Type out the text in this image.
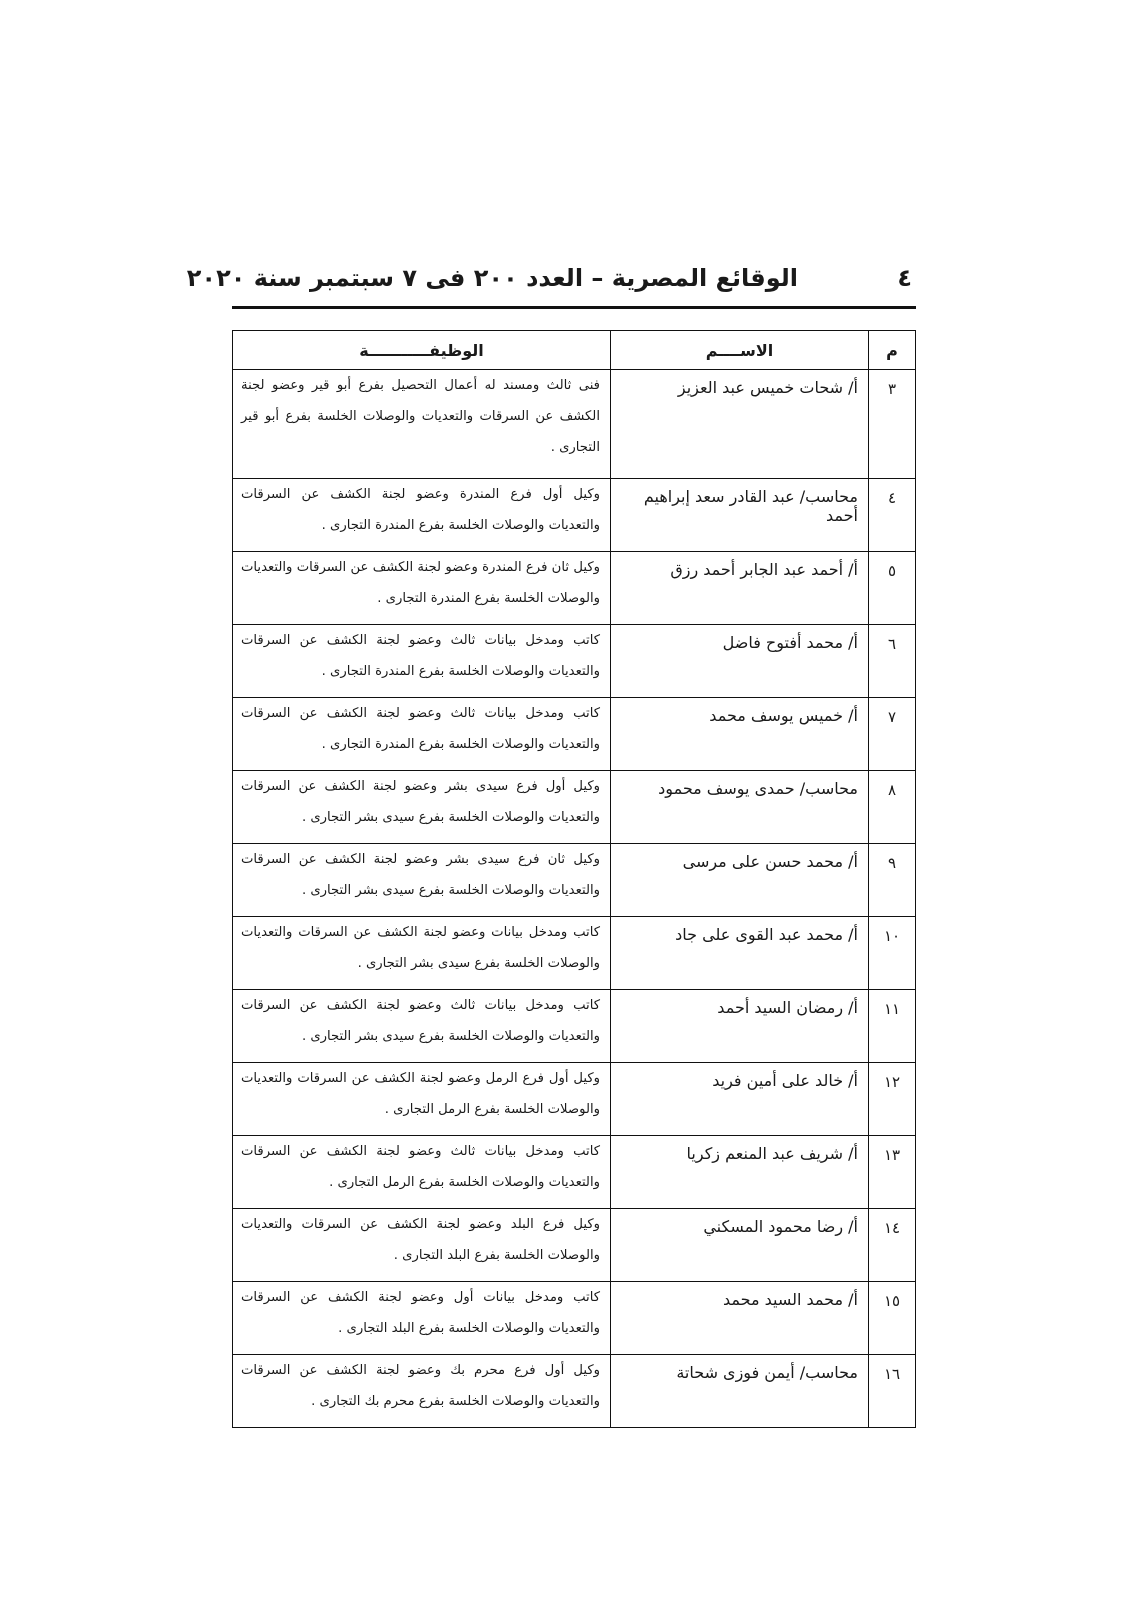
٤
الوقائع المصرية – العدد ٢٠٠ فى ٧ سبتمبر سنة ٢٠٢٠
م	الاســــم	الوظيفـــــــــــة
٣	أ/ شحات خميس عبد العزيز	فنى ثالث ومسند له أعمال التحصيل بفرع أبو قير وعضو لجنة الكشف عن السرقات والتعديات والوصلات الخلسة بفرع أبو قير التجارى .
٤	محاسب/ عبد القادر سعد إبراهيم أحمد	وكيل أول فرع المندرة وعضو لجنة الكشف عن السرقات والتعديات والوصلات الخلسة بفرع المندرة التجارى .
٥	أ/ أحمد عبد الجابر أحمد رزق	وكيل ثان فرع المندرة وعضو لجنة الكشف عن السرقات والتعديات والوصلات الخلسة بفرع المندرة التجارى .
٦	أ/ محمد أفتوح فاضل	كاتب ومدخل بيانات ثالث وعضو لجنة الكشف عن السرقات والتعديات والوصلات الخلسة بفرع المندرة التجارى .
٧	أ/ خميس يوسف محمد	كاتب ومدخل بيانات ثالث وعضو لجنة الكشف عن السرقات والتعديات والوصلات الخلسة بفرع المندرة التجارى .
٨	محاسب/ حمدى يوسف محمود	وكيل أول فرع سيدى بشر وعضو لجنة الكشف عن السرقات والتعديات والوصلات الخلسة بفرع سيدى بشر التجارى .
٩	أ/ محمد حسن على مرسى	وكيل ثان فرع سيدى بشر وعضو لجنة الكشف عن السرقات والتعديات والوصلات الخلسة بفرع سيدى بشر التجارى .
١٠	أ/ محمد عبد القوى على جاد	كاتب ومدخل بيانات وعضو لجنة الكشف عن السرقات والتعديات والوصلات الخلسة بفرع سيدى بشر التجارى .
١١	أ/ رمضان السيد أحمد	كاتب ومدخل بيانات ثالث وعضو لجنة الكشف عن السرقات والتعديات والوصلات الخلسة بفرع سيدى بشر التجارى .
١٢	أ/ خالد على أمين فريد	وكيل أول فرع الرمل وعضو لجنة الكشف عن السرقات والتعديات والوصلات الخلسة بفرع الرمل التجارى .
١٣	أ/ شريف عبد المنعم زكريا	كاتب ومدخل بيانات ثالث وعضو لجنة الكشف عن السرقات والتعديات والوصلات الخلسة بفرع الرمل التجارى .
١٤	أ/ رضا محمود المسكني	وكيل فرع البلد وعضو لجنة الكشف عن السرقات والتعديات والوصلات الخلسة بفرع البلد التجارى .
١٥	أ/ محمد السيد محمد	كاتب ومدخل بيانات أول وعضو لجنة الكشف عن السرقات والتعديات والوصلات الخلسة بفرع البلد التجارى .
١٦	محاسب/ أيمن فوزى شحاتة	وكيل أول فرع محرم بك وعضو لجنة الكشف عن السرقات والتعديات والوصلات الخلسة بفرع محرم بك التجارى .
